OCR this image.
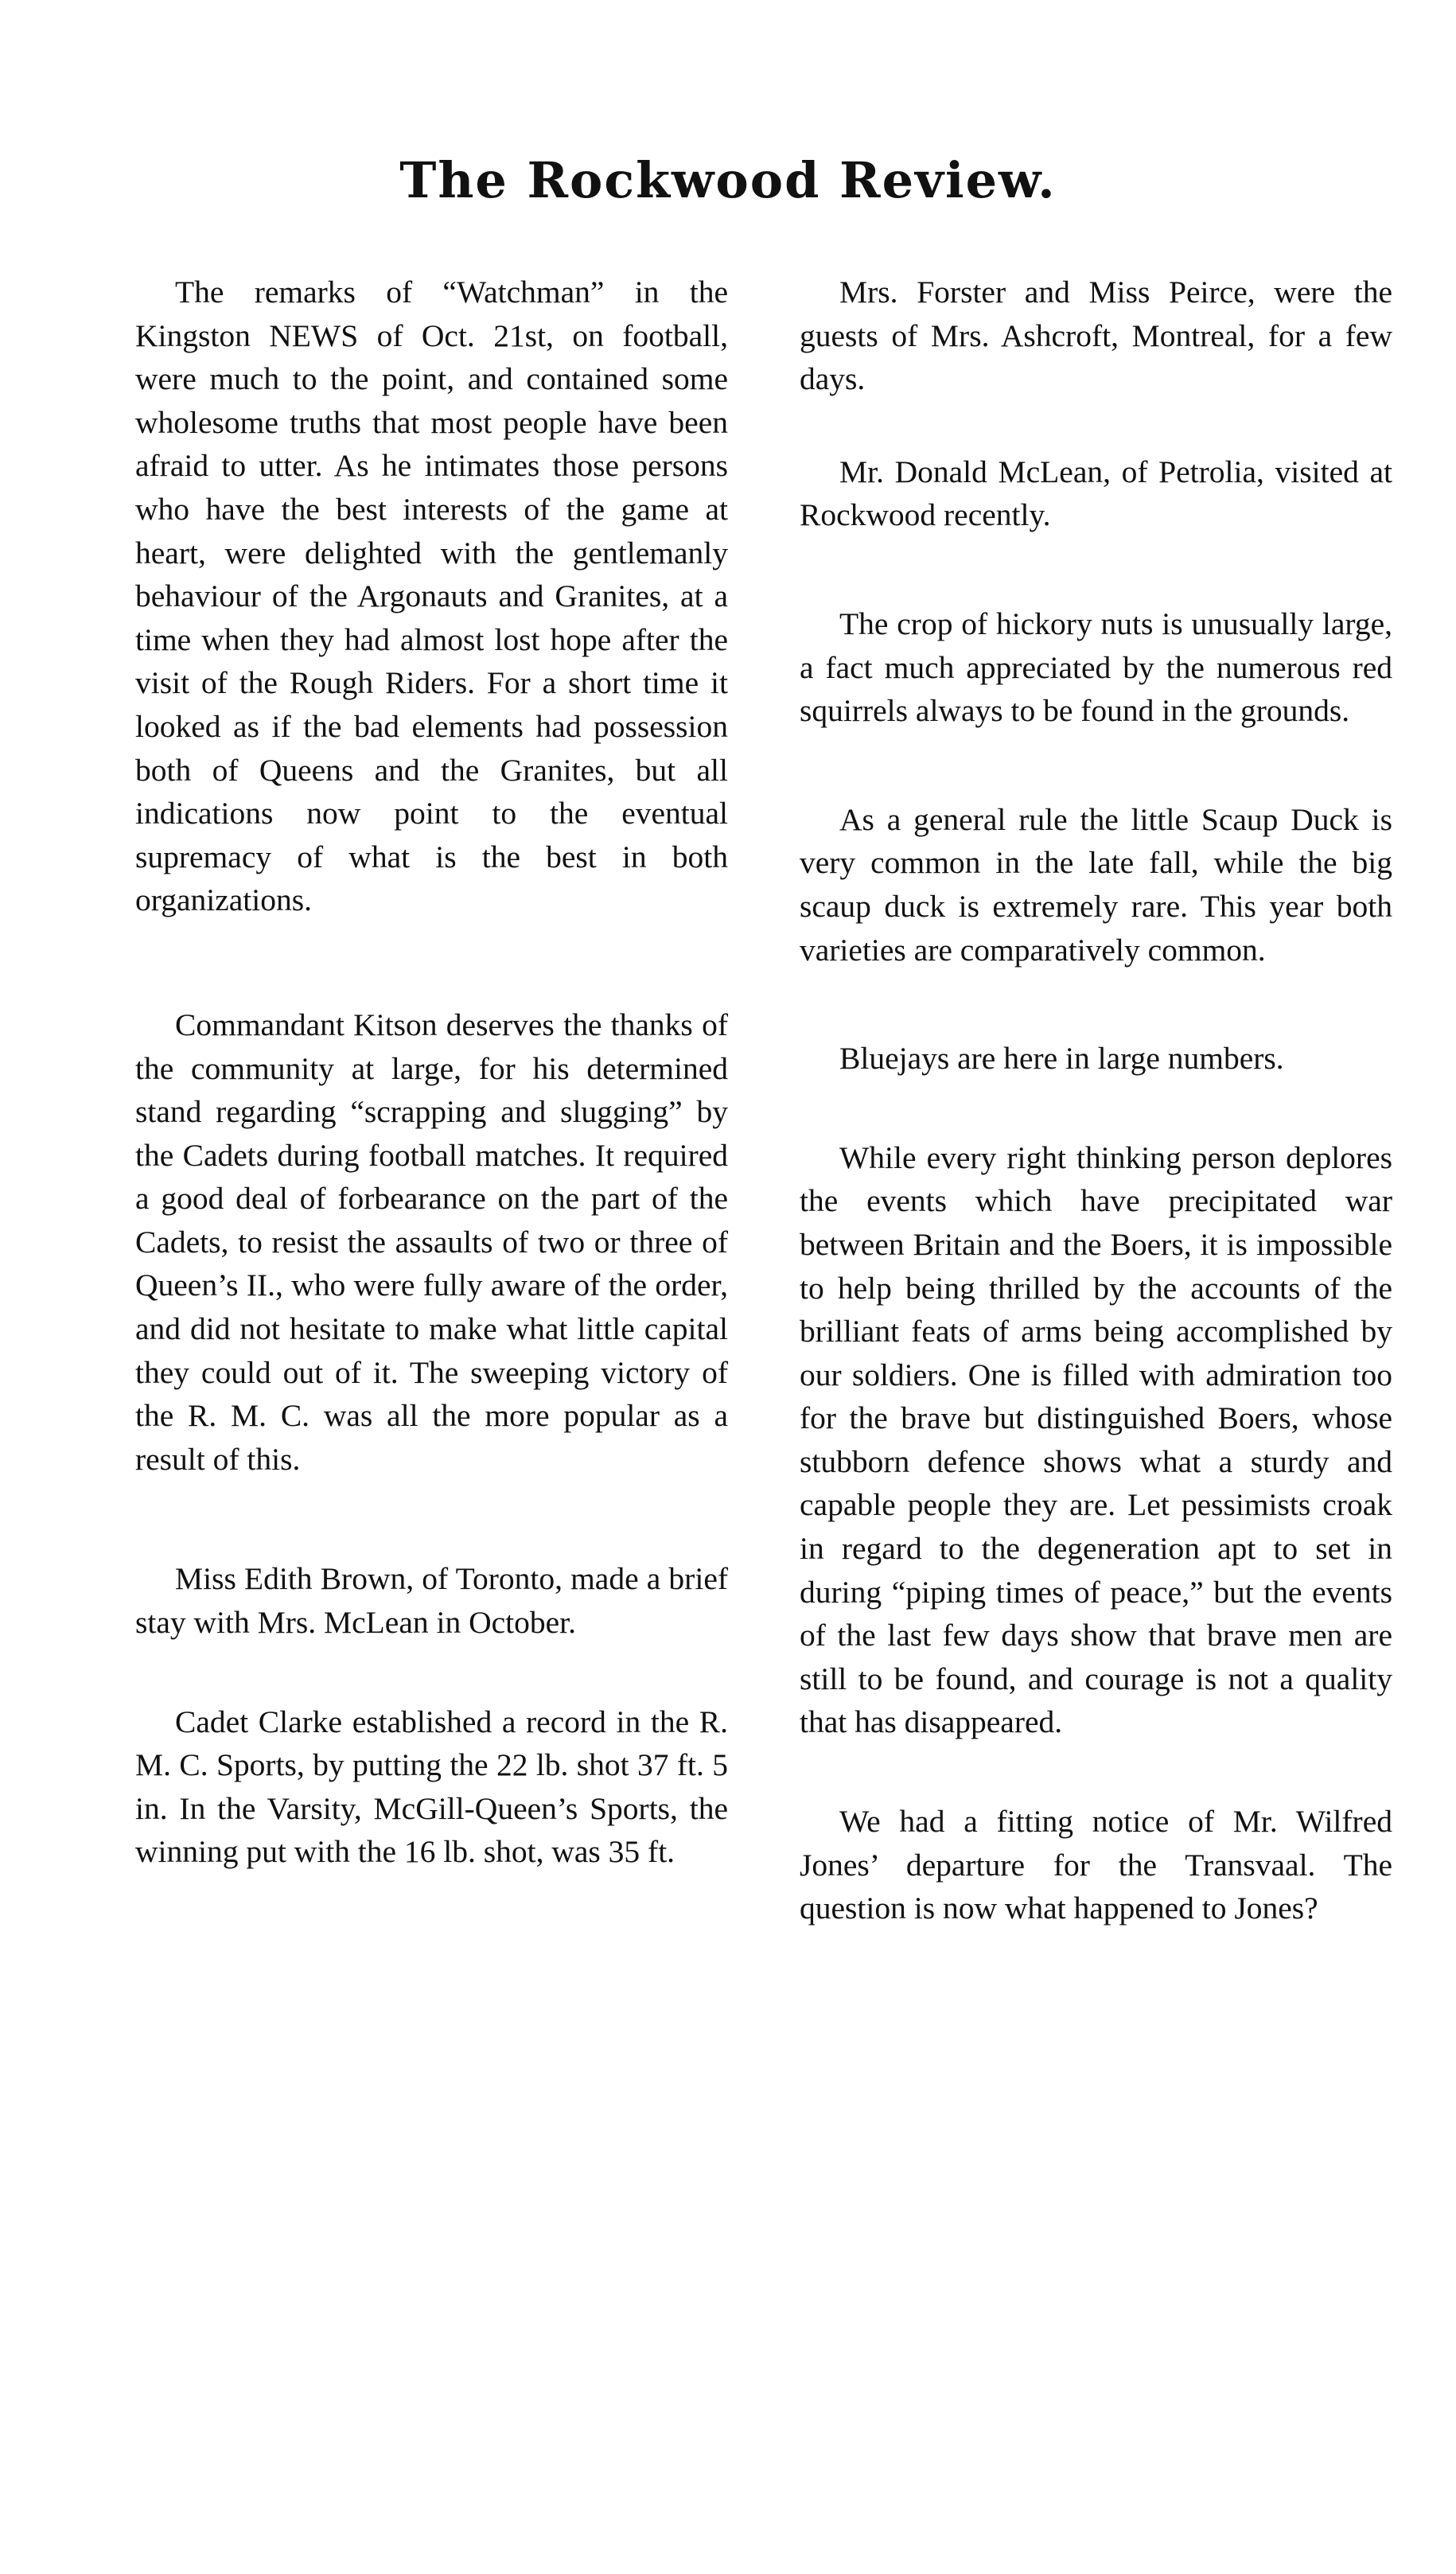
The Rockwood Review.

The remarks of “Watchman” in the Kingston NEWS of Oct. 21st, on football, were much to the point, and contained some wholesome truths that most people have been afraid to utter. As he intimates those persons who have the best interests of the game at heart, were delighted with the gentlemanly behaviour of the Argonauts and Granites, at a time when they had almost lost hope after the visit of the Rough Riders. For a short time it looked as if the bad elements had possession both of Queens and the Granites, but all indications now point to the eventual supremacy of what is the best in both organizations.

Commandant Kitson deserves the thanks of the community at large, for his determined stand regarding “scrapping and slugging” by the Cadets during football matches. It required a good deal of forbearance on the part of the Cadets, to resist the assaults of two or three of Queen’s II., who were fully aware of the order, and did not hesitate to make what little capital they could out of it. The sweeping victory of the R. M. C. was all the more popular as a result of this.

Miss Edith Brown, of Toronto, made a brief stay with Mrs. McLean in October.

Cadet Clarke established a record in the R. M. C. Sports, by putting the 22 lb. shot 37 ft. 5 in. In the Varsity, McGill-Queen’s Sports, the winning put with the 16 lb. shot, was 35 ft.

Mrs. Forster and Miss Peirce, were the guests of Mrs. Ashcroft, Montreal, for a few days.

Mr. Donald McLean, of Petrolia, visited at Rockwood recently.

The crop of hickory nuts is unusually large, a fact much appreciated by the numerous red squirrels always to be found in the grounds.

As a general rule the little Scaup Duck is very common in the late fall, while the big scaup duck is extremely rare. This year both varieties are comparatively common.

Bluejays are here in large numbers.

While every right thinking person deplores the events which have precipitated war between Britain and the Boers, it is impossible to help being thrilled by the accounts of the brilliant feats of arms being accomplished by our soldiers. One is filled with admiration too for the brave but distinguished Boers, whose stubborn defence shows what a sturdy and capable people they are. Let pessimists croak in regard to the degeneration apt to set in during “piping times of peace,” but the events of the last few days show that brave men are still to be found, and courage is not a quality that has disappeared.

We had a fitting notice of Mr. Wilfred Jones’ departure for the Transvaal. The question is now what happened to Jones?
